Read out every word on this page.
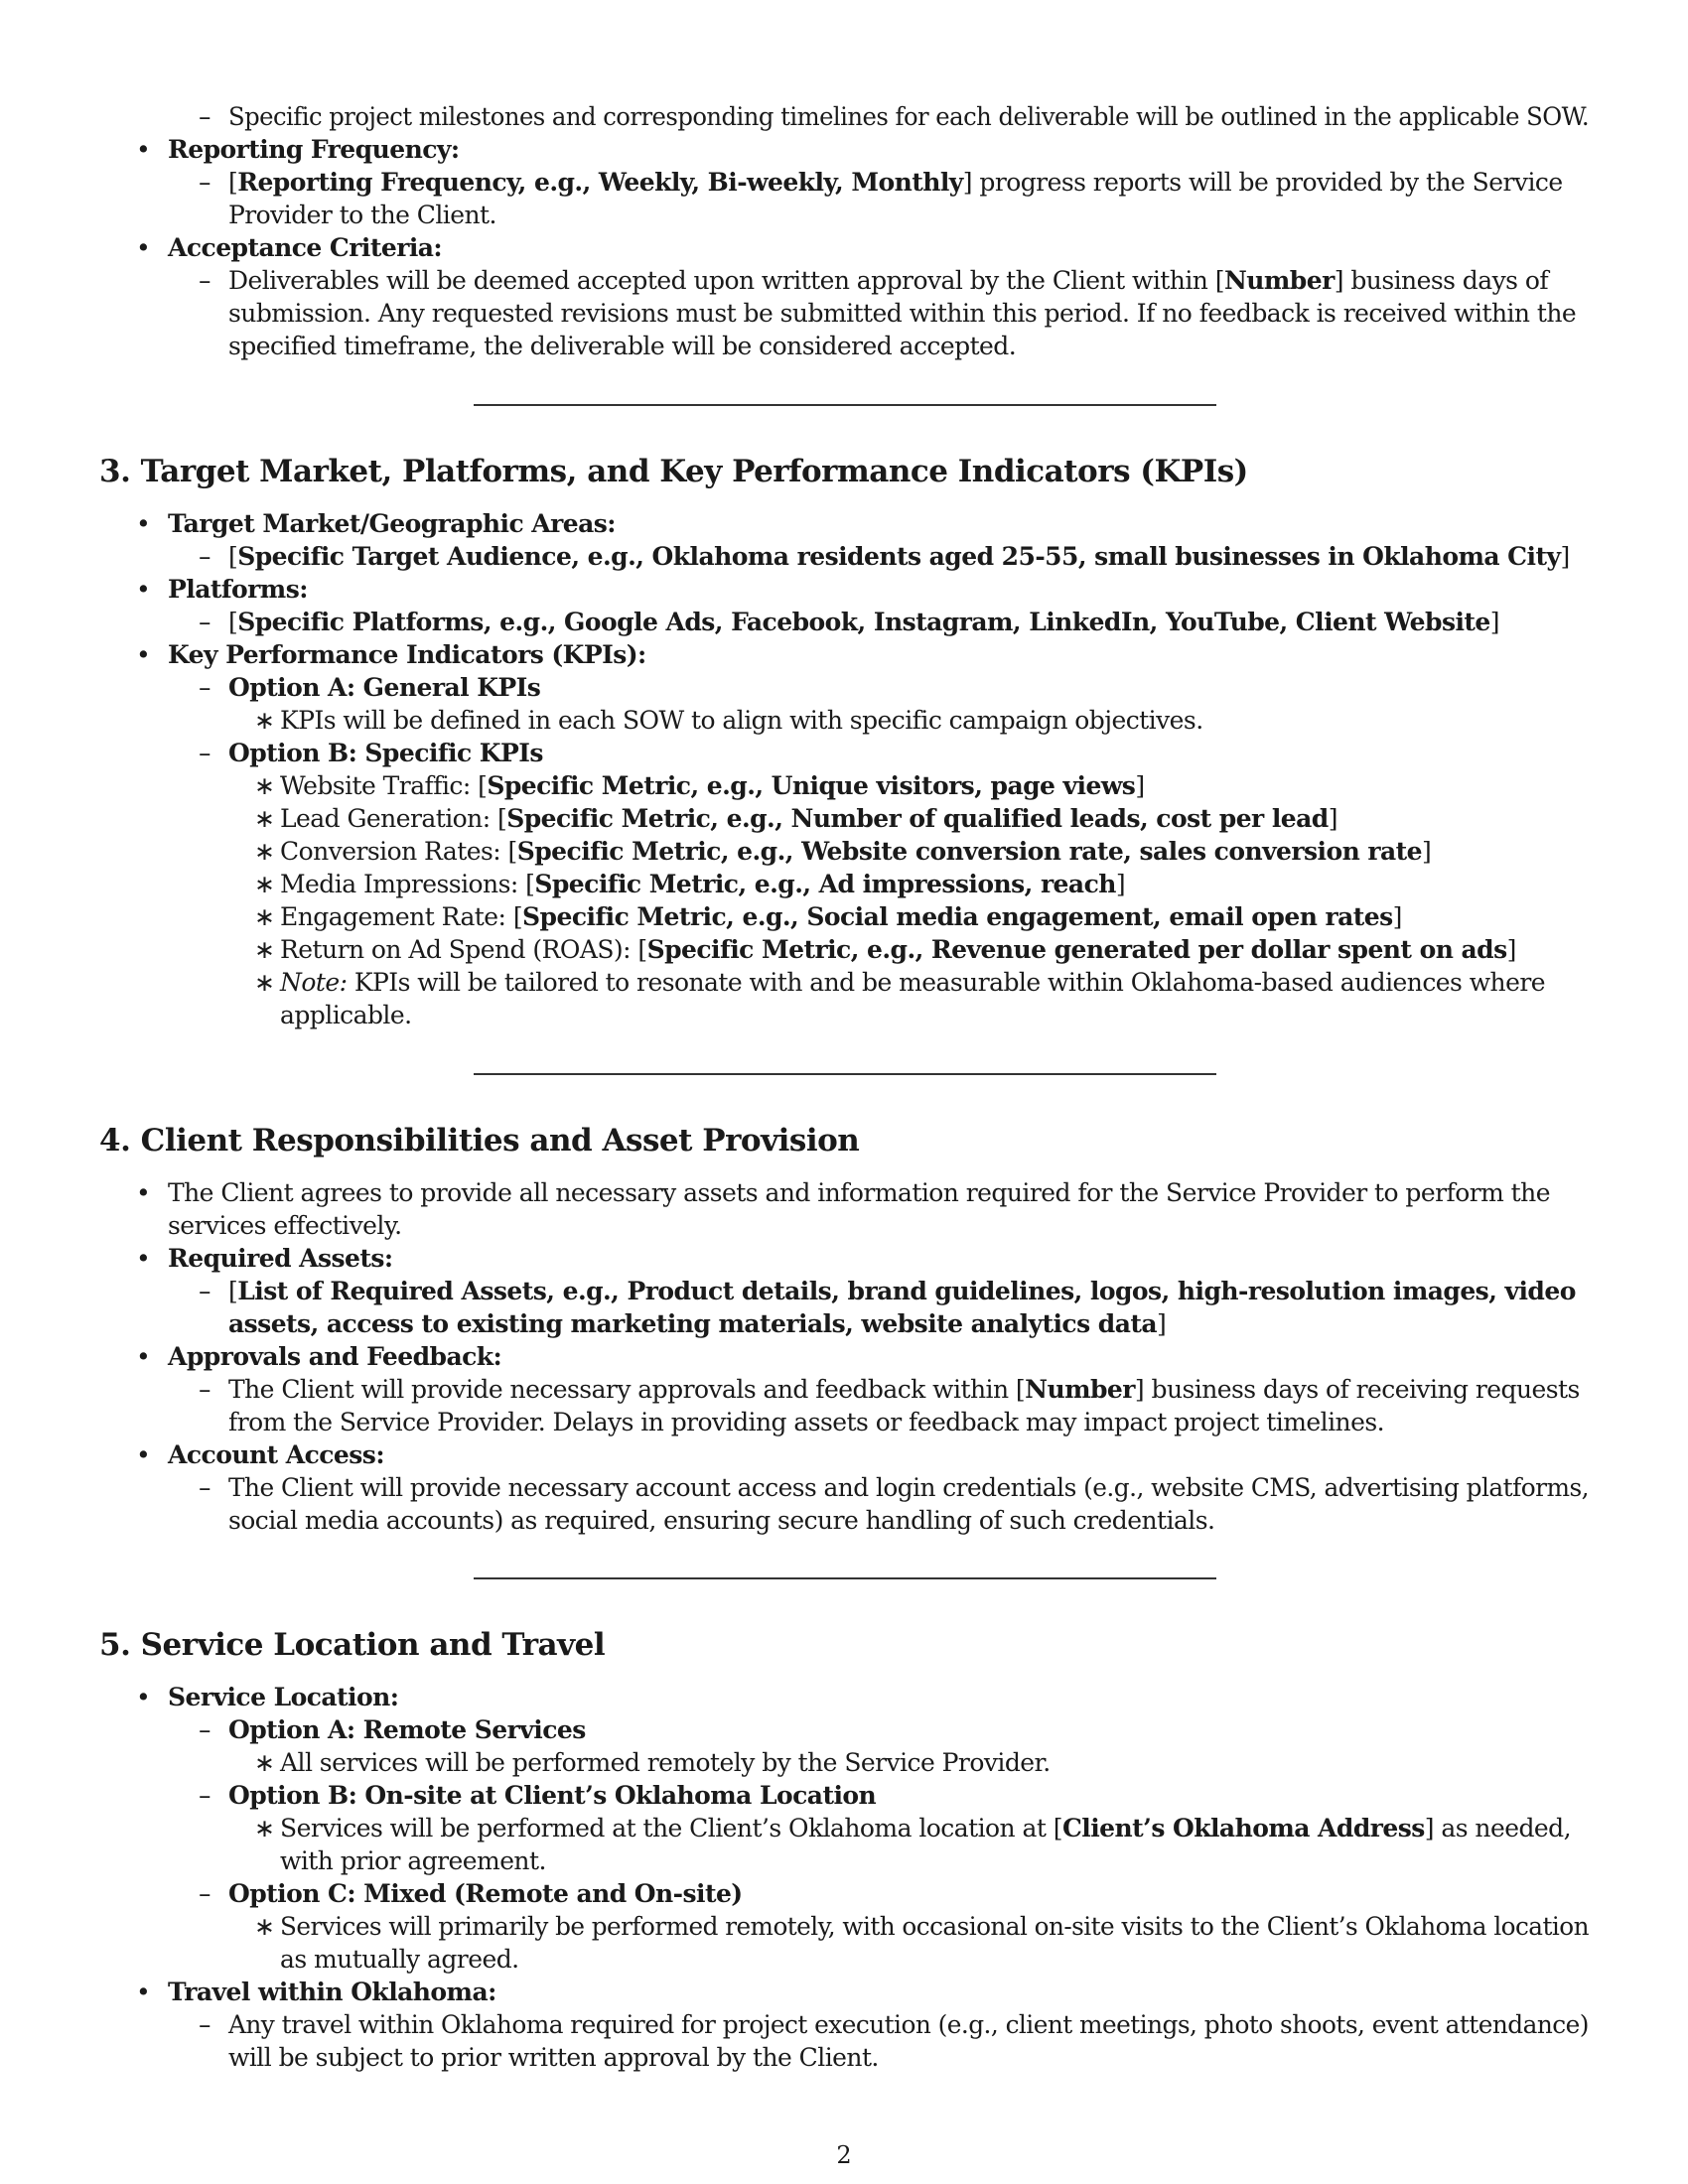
– Specific project milestones and corresponding timelines for each deliverable will be outlined in the applicable SOW.
• Reporting Frequency:
– [Reporting Frequency, e.g., Weekly, Bi-weekly, Monthly] progress reports will be provided by the Service
Provider to the Client.
• Acceptance Criteria:
– Deliverables will be deemed accepted upon written approval by the Client within [Number] business days of
submission. Any requested revisions must be submitted within this period. If no feedback is received within the
specified timeframe, the deliverable will be considered accepted.
3. Target Market, Platforms, and Key Performance Indicators (KPIs)
• Target Market/Geographic Areas:
– [Specific Target Audience, e.g., Oklahoma residents aged 25-55, small businesses in Oklahoma City]
• Platforms:
– [Specific Platforms, e.g., Google Ads, Facebook, Instagram, LinkedIn, YouTube, Client Website]
• Key Performance Indicators (KPIs):
– Option A: General KPIs
∗ KPIs will be defined in each SOW to align with specific campaign objectives.
– Option B: Specific KPIs
∗ Website Traffic: [Specific Metric, e.g., Unique visitors, page views]
∗ Lead Generation: [Specific Metric, e.g., Number of qualified leads, cost per lead]
∗ Conversion Rates: [Specific Metric, e.g., Website conversion rate, sales conversion rate]
∗ Media Impressions: [Specific Metric, e.g., Ad impressions, reach]
∗ Engagement Rate: [Specific Metric, e.g., Social media engagement, email open rates]
∗ Return on Ad Spend (ROAS): [Specific Metric, e.g., Revenue generated per dollar spent on ads]
∗ Note: KPIs will be tailored to resonate with and be measurable within Oklahoma-based audiences where
applicable.
4. Client Responsibilities and Asset Provision
• The Client agrees to provide all necessary assets and information required for the Service Provider to perform the
services effectively.
• Required Assets:
– [List of Required Assets, e.g., Product details, brand guidelines, logos, high-resolution images, video
assets, access to existing marketing materials, website analytics data]
• Approvals and Feedback:
– The Client will provide necessary approvals and feedback within [Number] business days of receiving requests
from the Service Provider. Delays in providing assets or feedback may impact project timelines.
• Account Access:
– The Client will provide necessary account access and login credentials (e.g., website CMS, advertising platforms,
social media accounts) as required, ensuring secure handling of such credentials.
5. Service Location and Travel
• Service Location:
– Option A: Remote Services
∗ All services will be performed remotely by the Service Provider.
– Option B: On-site at Client’s Oklahoma Location
∗ Services will be performed at the Client’s Oklahoma location at [Client’s Oklahoma Address] as needed,
with prior agreement.
– Option C: Mixed (Remote and On-site)
∗ Services will primarily be performed remotely, with occasional on-site visits to the Client’s Oklahoma location
as mutually agreed.
• Travel within Oklahoma:
– Any travel within Oklahoma required for project execution (e.g., client meetings, photo shoots, event attendance)
will be subject to prior written approval by the Client.
2
